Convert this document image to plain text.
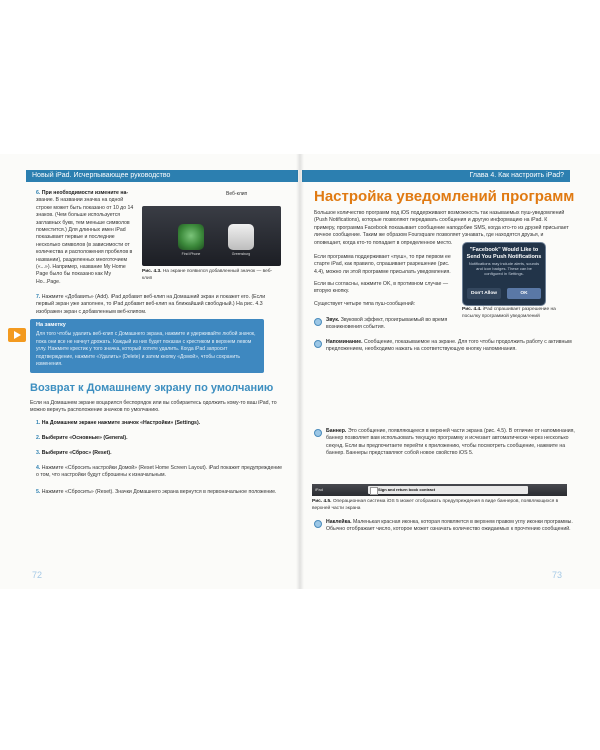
Новый iPad. Исчерпывающее руководство
6. При необходимости измените на- звание. В названии значка на одной строке может быть показано от 10 до 14 знаков. (Чем больше используется заглавных букв, тем меньше символов поместится.) Для длинных имен iPad показывает первые и последние несколько символов (в зависимости от количества и расположения пробелов в названии), разделенных многоточием («...»). Например, название My Home Page было бы показано как My Ho...Page.
Веб-клип
Find iPhone	Greensburg
Рис. 4.3. На экране появился добавленный значок — веб-клип
7. Нажмите «Добавить» (Add). iPad добавит веб-клип на Домашний экран и покажет его. (Если первый экран уже заполнен, то iPad добавит веб-клип на ближайший свободный.) На рис. 4.3 изображен экран с добавленным веб-клипом.
На заметку
Для того чтобы удалить веб-клип с Домашнего экрана, нажмите и удерживайте любой значок, пока они все не начнут дрожать. Каждый из них будет показан с крестиком в верхнем левом углу. Нажмите крестик у того значка, который хотите удалить. Когда iPad запросит подтверждение, нажмите «Удалить» (Delete) и затем кнопку «Домой», чтобы сохранить изменения.
Возврат к Домашнему экрану по умолчанию
Если на Домашнем экране воцарился беспорядок или вы собираетесь одолжить кому-то ваш iPad, то можно вернуть расположение значков по умолчанию.
1. На Домашнем экране нажмите значок «Настройки» (Settings).
2. Выберите «Основные» (General).
3. Выберите «Сброс» (Reset).
4. Нажмите «Сбросить настройки Домой» (Reset Home Screen Layout). iPad покажет предупреждение о том, что настройки будут сброшены к изначальным.
5. Нажмите «Сбросить» (Reset). Значки Домашнего экрана вернутся в первоначальное положение.
72
Глава 4. Как настроить iPad?
Настройка уведомлений программ
Большое количество программ под iOS поддерживают возможность так называемых пуш-уведомлений (Push Notifications), которые позволяют передавать сообщения и другую информацию на iPad. К примеру, программа Facebook показывает сообщение наподобие SMS, когда кто-то из друзей присылает личное сообщение. Таким же образом Foursquare позволяет узнавать, где находятся друзья, и оповещает, когда кто-то попадает в определенное место.
Если программа поддерживает «пуш», то при первом ее старте iPad, как правило, спрашивает разрешение (рис. 4.4), можно ли этой программе присылать уведомления.
Если вы согласны, нажмите OK, в противном случае — вторую кнопку.
Существует четыре типа пуш-сообщений:
"Facebook" Would Like to Send You Push Notifications
Notifications may include alerts, sounds and icon badges. These can be configured in Settings.
Don't Allow	OK
Рис. 4.4. iPad спрашивает разрешение на посылку программой уведомлений
Звук. Звуковой эффект, проигрываемый во время возникновения события.
Напоминание. Сообщение, показываемое на экране. Для того чтобы продолжить работу с активным предложением, необходимо нажать на соответствующую кнопку напоминания.
Баннер. Это сообщение, появляющееся в верхней части экрана (рис. 4.5). В отличие от напоминания, баннер позволяет вам использовать текущую программу и исчезает автоматически через несколько секунд. Если вы предпочитаете перейти к приложению, чтобы посмотреть сообщение, нажмите на баннер. Баннеры представляют собой новое свойство iOS 5.
iPad	Sign and return book contract
Рис. 4.5. Операционная система iOS 5 может отображать предупреждения в виде баннеров, появляющихся в верхней части экрана
Наклейка. Маленькая красная иконка, которая появляется в верхнем правом углу иконки программы. Обычно отображает число, которое может означать количество ожидаемых к прочтению сообщений.
73
